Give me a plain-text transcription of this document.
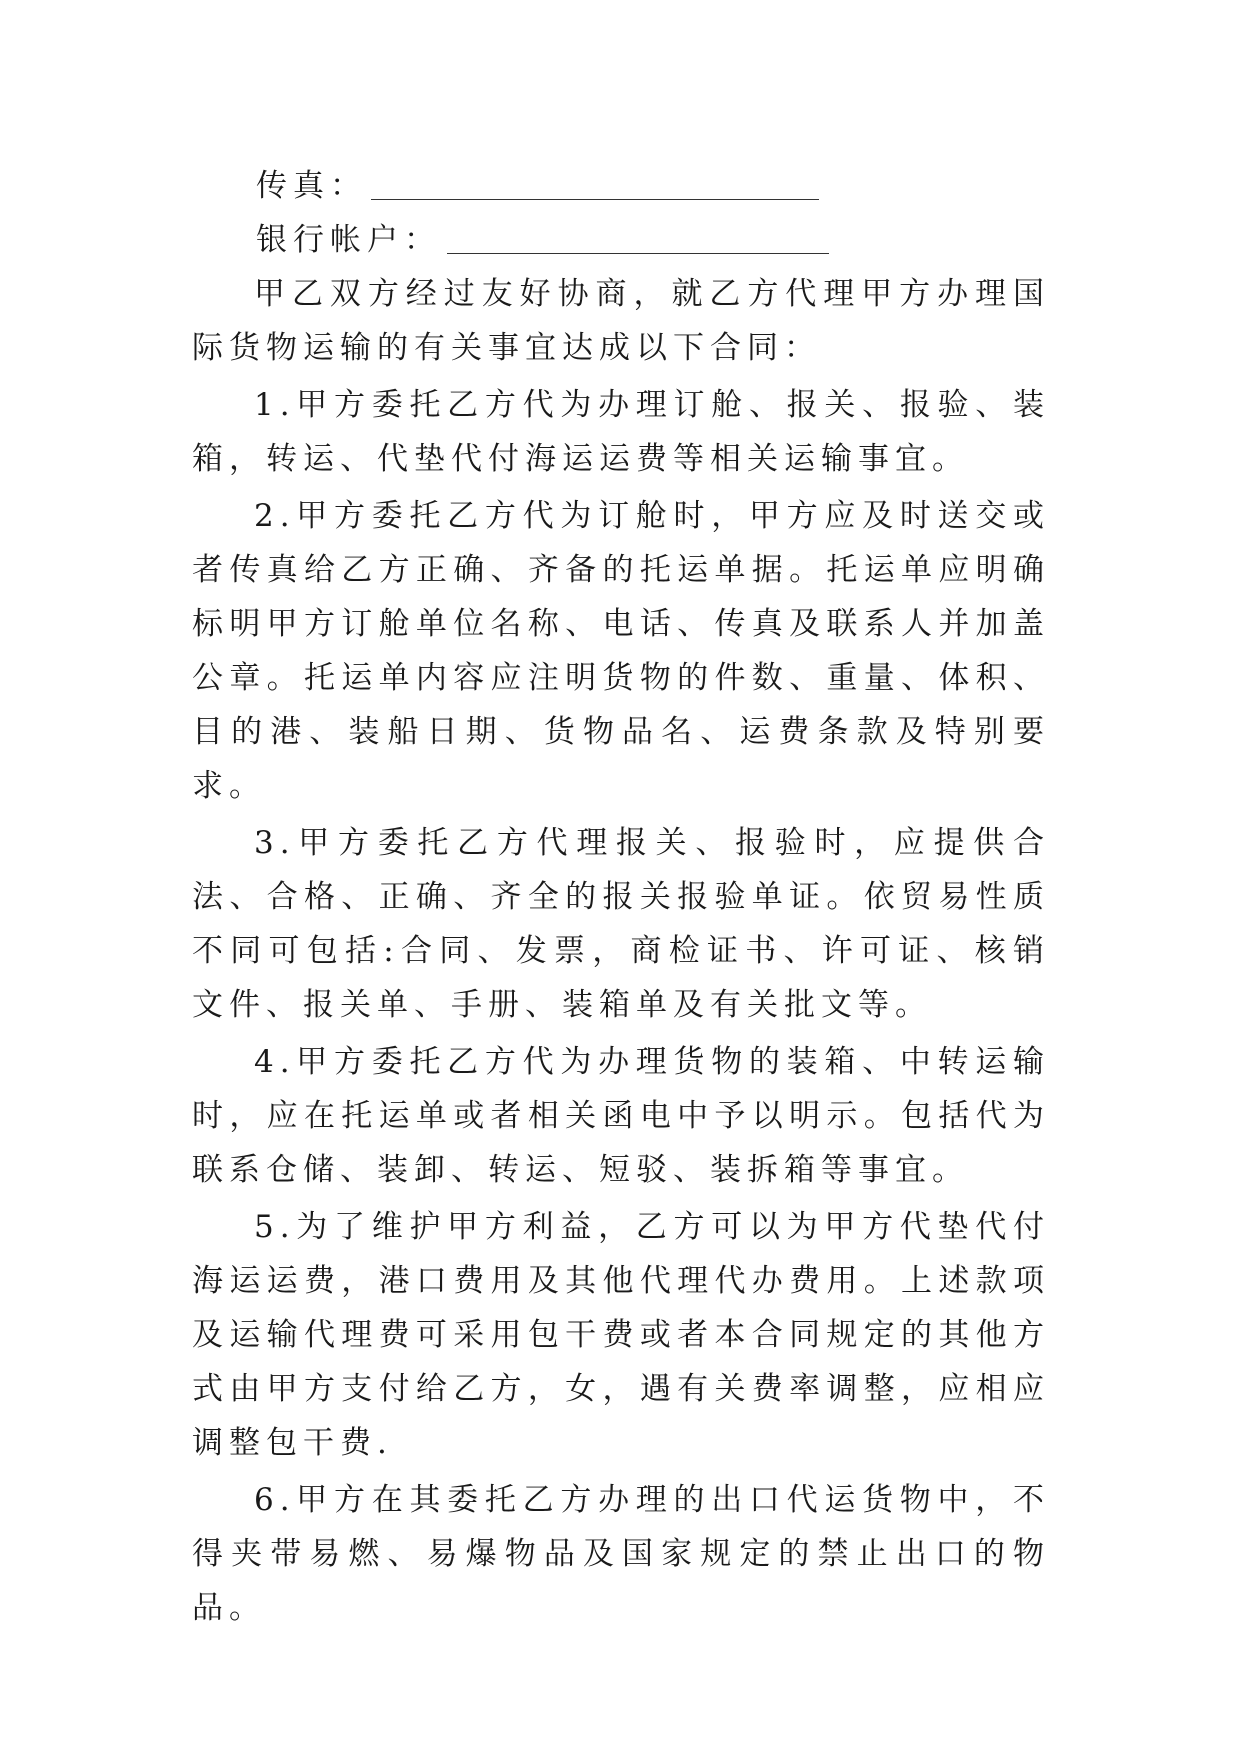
传真：
银行帐户：

甲乙双方经过友好协商，就乙方代理甲方办理国际货物运输的有关事宜达成以下合同：

1.甲方委托乙方代为办理订舱、报关、报验、装箱，转运、代垫代付海运运费等相关运输事宜。

2.甲方委托乙方代为订舱时，甲方应及时送交或者传真给乙方正确、齐备的托运单据。托运单应明确标明甲方订舱单位名称、电话、传真及联系人并加盖公章。托运单内容应注明货物的件数、重量、体积、目的港、装船日期、货物品名、运费条款及特别要求。

3.甲方委托乙方代理报关、报验时，应提供合法、合格、正确、齐全的报关报验单证。依贸易性质不同可包括:合同、发票，商检证书、许可证、核销文件、报关单、手册、装箱单及有关批文等。

4.甲方委托乙方代为办理货物的装箱、中转运输时，应在托运单或者相关函电中予以明示。包括代为联系仓储、装卸、转运、短驳、装拆箱等事宜。

5.为了维护甲方利益，乙方可以为甲方代垫代付海运运费，港口费用及其他代理代办费用。上述款项及运输代理费可采用包干费或者本合同规定的其他方式由甲方支付给乙方，女，遇有关费率调整，应相应调整包干费.

6.甲方在其委托乙方办理的出口代运货物中，不得夹带易燃、易爆物品及国家规定的禁止出口的物品。
